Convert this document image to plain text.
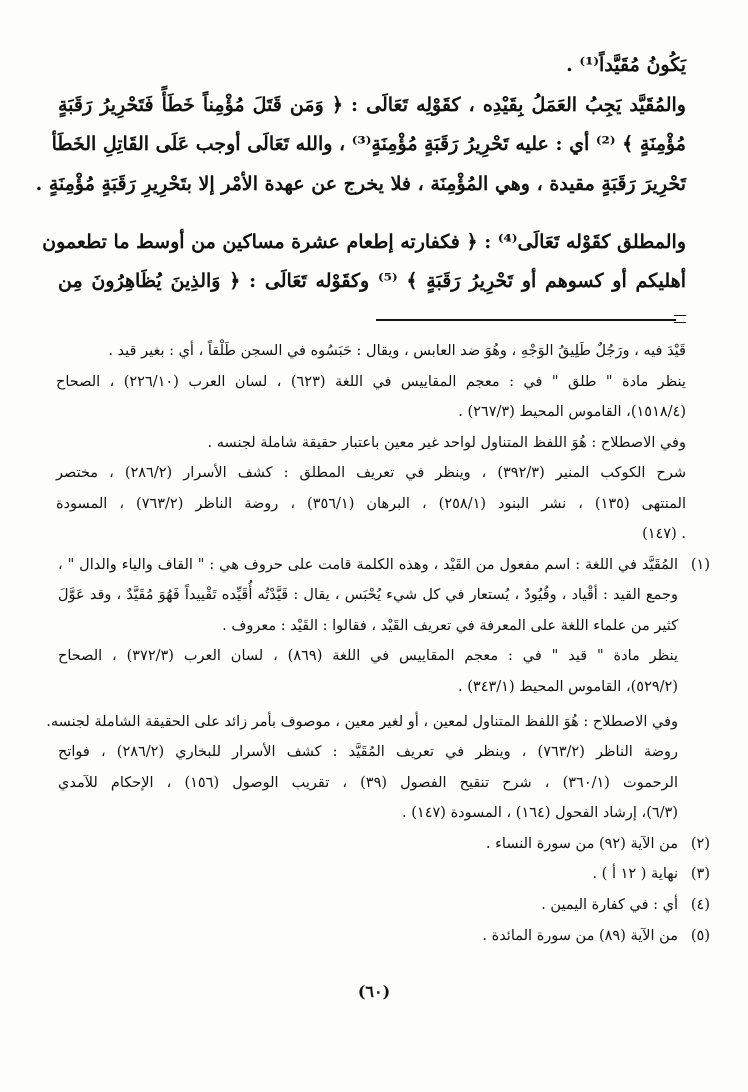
يَكُونُ مُقَيَّداً⁽¹⁾ .
والمُقَيَّد يَجِبُ العَمَلُ بِقَيْدِه ، كقَوْلِه تَعَالَى : ﴿ وَمَن قَتَلَ مُؤْمِناً خَطَأً فَتَحْرِيرُ رَقَبَةٍ
مُؤْمِنَةٍ ﴾ ⁽²⁾ أي : عليه تَحْرِيرُ رَقَبَةٍ مُؤْمِنَةٍ⁽³⁾ ، والله تَعَالَى أوجب عَلَى القَاتِلِ الخَطَأ
تَحْرِيرَ رَقَبَةٍ مقيدة ، وهي المُؤْمِنَة ، فلا يخرج عن عهدة الأمْر إلا بتَحْرِيرِ رَقَبَةٍ مُؤْمِنَةٍ .
والمطلق كقَوْله تَعَالَى⁽⁴⁾ : ﴿ فكفارته إطعام عشرة مساكين من أوسط ما تطعمون
أهليكم أو كسوهم أو تَحْرِيرُ رَقَبَةٍ ﴾ ⁽⁵⁾ وكقَوْله تَعَالَى : ﴿ وَالذِينَ يُظَاهِرُونَ مِن
قَيْدَ فيه ، ورَجُلٌ طَلِيقُ الوَجْهِ ، وهُوَ ضد العابس ، ويقال : حَبَسُوه في السجن طَلْقاً ، أي : بغير قيد .
ينظر مادة " طلق " في : معجم المقاييس في اللغة (٦٢٣) ، لسان العرب (٢٢٦/١٠) ، الصحاح
(١٥١٨/٤)، القاموس المحيط (٢٦٧/٣) .
وفي الاصطلاح : هُوَ اللفظ المتناول لواحد غير معين باعتبار حقيقة شاملة لجنسه .
شرح الكوكب المنير (٣٩٢/٣) ، وينظر في تعريف المطلق : كشف الأسرار (٢٨٦/٢) ، مختصر
المنتهى (١٣٥) ، نشر البنود (٢٥٨/١) ، البرهان (٣٥٦/١) ، روضة الناظر (٧٦٣/٢) ، المسودة
(١٤٧) .
(١)
المُقَيَّد في اللغة : اسم مفعول من القَيْد ، وهذه الكلمة قامت على حروف هي : " القاف والياء والدال " ،
وجمع القيد : أقْياد ، وقُيُودٌ ، يُستعار في كل شيء يُحْبَس ، يقال : قَيَّدْتُه أُقَيِّده تَقْييداً فَهُوَ مُقَيَّدٌ ، وقد عَوَّلَ
كثير من علماء اللغة على المعرفة في تعريف القَيْد ، فقالوا : القَيْد : معروف .
ينظر مادة " قيد " في : معجم المقاييس في اللغة (٨٦٩) ، لسان العرب (٣٧٢/٣) ، الصحاح
(٥٢٩/٢)، القاموس المحيط (٣٤٣/١) .
وفي الاصطلاح : هُوَ اللفظ المتناول لمعين ، أو لغير معين ، موصوف بأمر زائد على الحقيقة الشاملة لجنسه.
روضة الناظر (٧٦٣/٢) ، وينظر في تعريف المُقَيَّد : كشف الأسرار للبخاري (٢٨٦/٢) ، فواتح
الرحموت (٣٦٠/١) ، شرح تنقيح الفصول (٣٩) ، تقريب الوصول (١٥٦) ، الإحكام للآمدي
(٦/٣)، إرشاد الفحول (١٦٤) ، المسودة (١٤٧) .
(٢)
من الآية (٩٢) من سورة النساء .
(٣)
نهاية ( ١٢ أ ) .
(٤)
أي : في كفارة اليمين .
(٥)
من الآية (٨٩) من سورة المائدة .
(٦٠)
